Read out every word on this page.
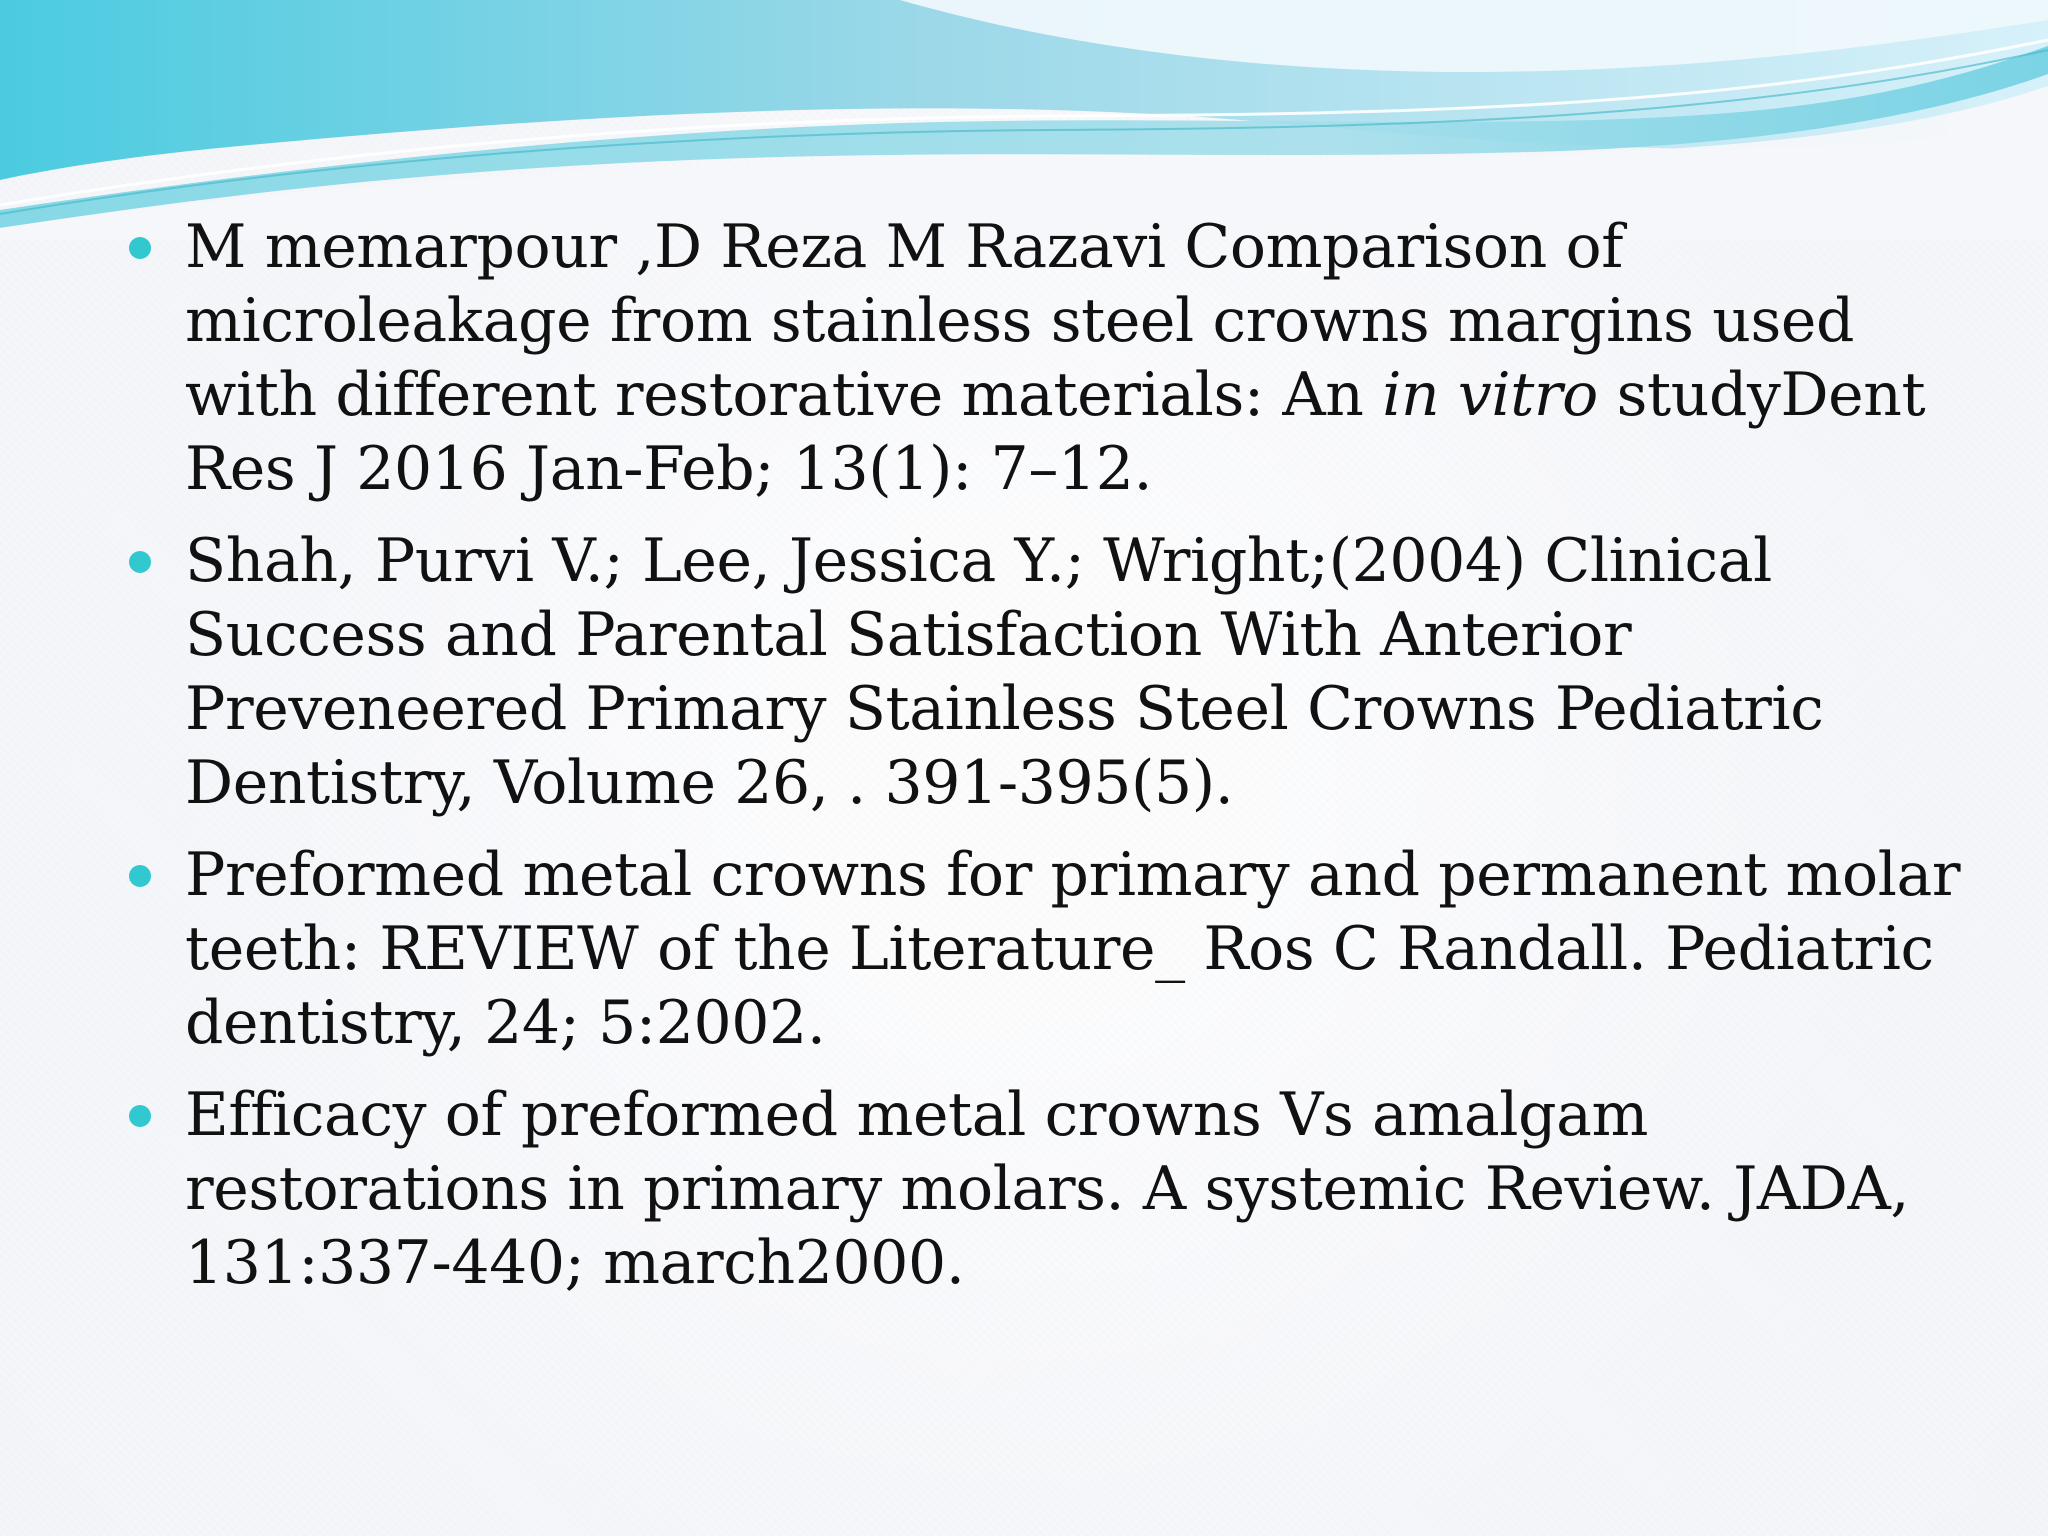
M memarpour ,D Reza M Razavi Comparison of microleakage from stainless steel crowns margins used with different restorative materials: An in vitro studyDent Res J 2016 Jan-Feb; 13(1): 7–12.
Shah, Purvi V.; Lee, Jessica Y.; Wright;(2004) Clinical Success and Parental Satisfaction With Anterior Preveneered Primary Stainless Steel Crowns Pediatric Dentistry, Volume 26, . 391-395(5).
Preformed metal crowns for primary and permanent molar teeth: REVIEW of the Literature_ Ros C Randall. Pediatric dentistry, 24; 5:2002.
Efficacy of preformed metal crowns Vs amalgam restorations in primary molars. A systemic Review. JADA, 131:337-440; march2000.
